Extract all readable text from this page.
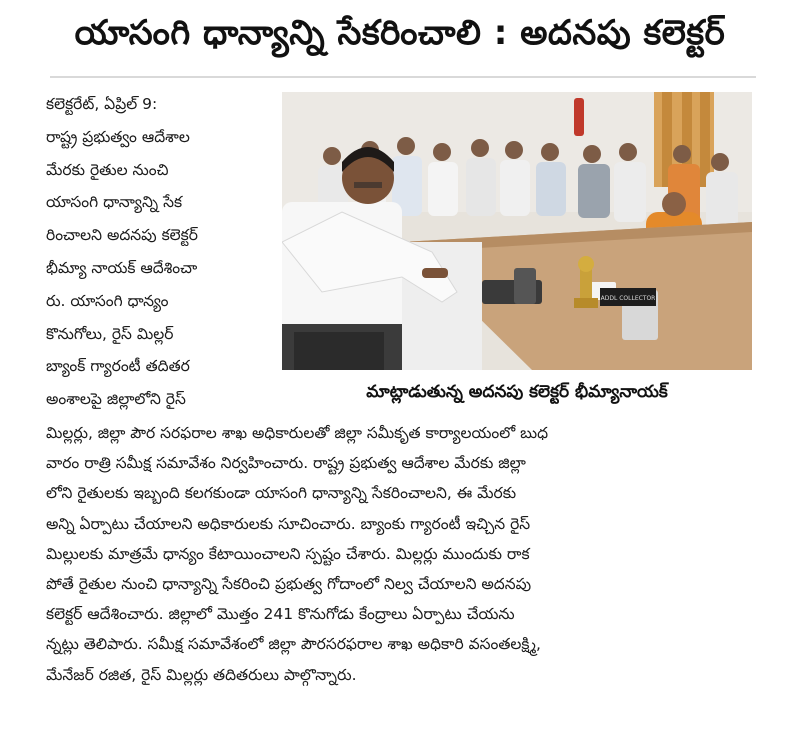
యాసంగి ధాన్యాన్ని సేకరించాలి : అదనపు కలెక్టర్
కలెక్టరేట్, ఏప్రిల్ 9:
రాష్ట్ర ప్రభుత్వం ఆదేశాల
మేరకు రైతుల నుంచి
యాసంగి ధాన్యాన్ని సేక
రించాలని అదనపు కలెక్టర్
భీమ్యా నాయక్ ఆదేశించా
రు. యాసంగి ధాన్యం
కొనుగోలు, రైస్ మిల్లర్
బ్యాంక్ గ్యారంటీ తదితర
అంశాలపై జిల్లాలోని రైస్
ADDL COLLECTOR
మాట్లాడుతున్న అదనపు కలెక్టర్ భీమ్యానాయక్
మిల్లర్లు, జిల్లా పౌర సరఫరాల శాఖ అధికారులతో జిల్లా సమీకృత కార్యాలయంలో బుధ
వారం రాత్రి సమీక్ష సమావేశం నిర్వహించారు. రాష్ట్ర ప్రభుత్వ ఆదేశాల మేరకు జిల్లా
లోని రైతులకు ఇబ్బంది కలగకుండా యాసంగి ధాన్యాన్ని సేకరించాలని, ఈ మేరకు
అన్ని ఏర్పాటు చేయాలని అధికారులకు సూచించారు. బ్యాంకు గ్యారంటీ ఇచ్చిన రైస్
మిల్లులకు మాత్రమే ధాన్యం కేటాయించాలని స్పష్టం చేశారు. మిల్లర్లు ముందుకు రాక
పోతే రైతుల నుంచి ధాన్యాన్ని సేకరించి ప్రభుత్వ గోదాంలో నిల్వ చేయాలని అదనపు
కలెక్టర్ ఆదేశించారు. జిల్లాలో మొత్తం 241 కొనుగోడు కేంద్రాలు ఏర్పాటు చేయను
న్నట్లు తెలిపారు. సమీక్ష సమావేశంలో జిల్లా పౌరసరఫరాల శాఖ అధికారి వసంతలక్ష్మి,
మేనేజర్ రజిత, రైస్ మిల్లర్లు తదితరులు పాల్గొన్నారు.
